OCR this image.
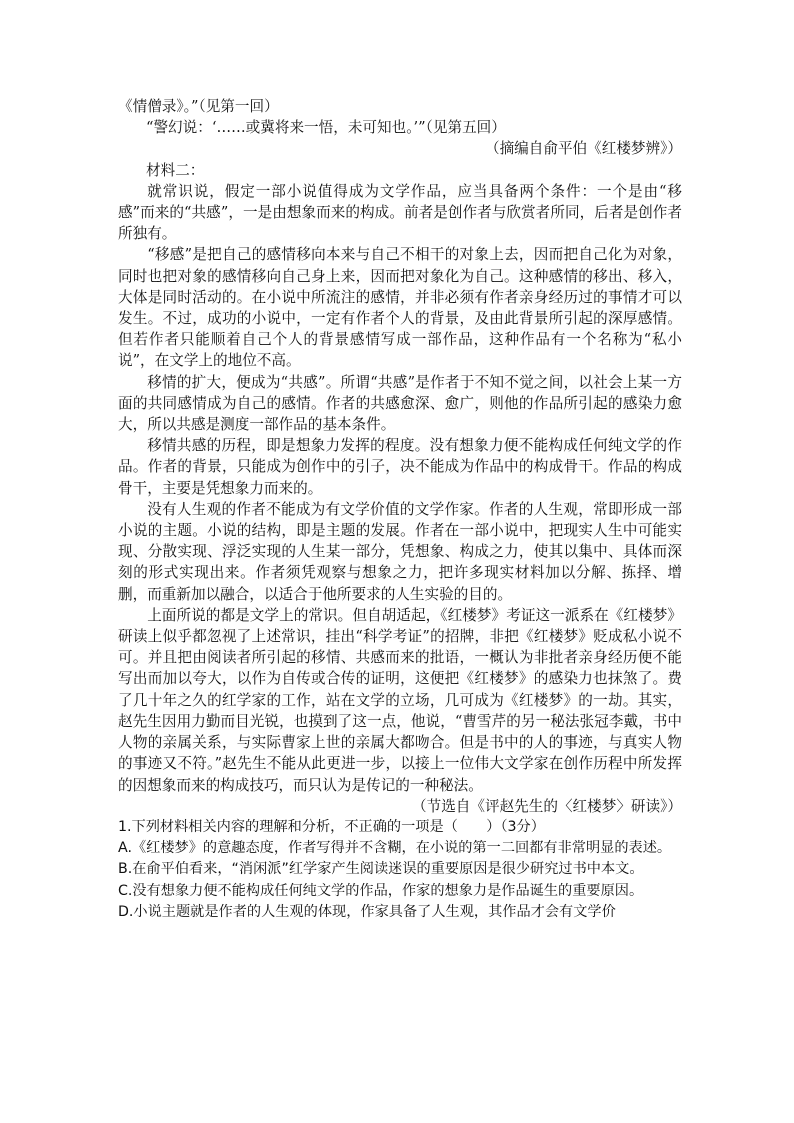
《情僧录》。”（见第一回）

“警幻说：‘……或冀将来一悟，未可知也。’”（见第五回）

（摘编自俞平伯《红楼梦辨》）

材料二：

就常识说，假定一部小说值得成为文学作品，应当具备两个条件：一个是由“移感”而来的“共感”，一是由想象而来的构成。前者是创作者与欣赏者所同，后者是创作者所独有。

“移感”是把自己的感情移向本来与自己不相干的对象上去，因而把自己化为对象，同时也把对象的感情移向自己身上来，因而把对象化为自己。这种感情的移出、移入，大体是同时活动的。在小说中所流注的感情，并非必须有作者亲身经历过的事情才可以发生。不过，成功的小说中，一定有作者个人的背景，及由此背景所引起的深厚感情。但若作者只能顺着自己个人的背景感情写成一部作品，这种作品有一个名称为“私小说”，在文学上的地位不高。

移情的扩大，便成为“共感”。所谓“共感”是作者于不知不觉之间，以社会上某一方面的共同感情成为自己的感情。作者的共感愈深、愈广，则他的作品所引起的感染力愈大，所以共感是测度一部作品的基本条件。

移情共感的历程，即是想象力发挥的程度。没有想象力便不能构成任何纯文学的作品。作者的背景，只能成为创作中的引子，决不能成为作品中的构成骨干。作品的构成骨干，主要是凭想象力而来的。

没有人生观的作者不能成为有文学价值的文学作家。作者的人生观，常即形成一部小说的主题。小说的结构，即是主题的发展。作者在一部小说中，把现实人生中可能实现、分散实现、浮泛实现的人生某一部分，凭想象、构成之力，使其以集中、具体而深刻的形式实现出来。作者须凭观察与想象之力，把许多现实材料加以分解、拣择、增删，而重新加以融合，以适合于他所要求的人生实验的目的。

上面所说的都是文学上的常识。但自胡适起，《红楼梦》考证这一派系在《红楼梦》研读上似乎都忽视了上述常识，挂出“科学考证”的招牌，非把《红楼梦》贬成私小说不可。并且把由阅读者所引起的移情、共感而来的批语，一概认为非批者亲身经历便不能写出而加以夸大，以作为自传或合传的证明，这便把《红楼梦》的感染力也抹煞了。费了几十年之久的红学家的工作，站在文学的立场，几可成为《红楼梦》的一劫。其实，赵先生因用力勤而目光锐，也摸到了这一点，他说，“曹雪芹的另一秘法张冠李戴，书中人物的亲属关系，与实际曹家上世的亲属大都吻合。但是书中的人的事迹，与真实人物的事迹又不符。”赵先生不能从此更进一步，以接上一位伟大文学家在创作历程中所发挥的因想象而来的构成技巧，而只认为是传记的一种秘法。

（节选自《评赵先生的〈红楼梦〉研读》）

1.下列材料相关内容的理解和分析，不正确的一项是（　　）（3分）

A.《红楼梦》的意趣态度，作者写得并不含糊，在小说的第一二回都有非常明显的表述。

B.在俞平伯看来，“消闲派”红学家产生阅读迷误的重要原因是很少研究过书中本文。

C.没有想象力便不能构成任何纯文学的作品，作家的想象力是作品诞生的重要原因。

D.小说主题就是作者的人生观的体现，作家具备了人生观，其作品才会有文学价
